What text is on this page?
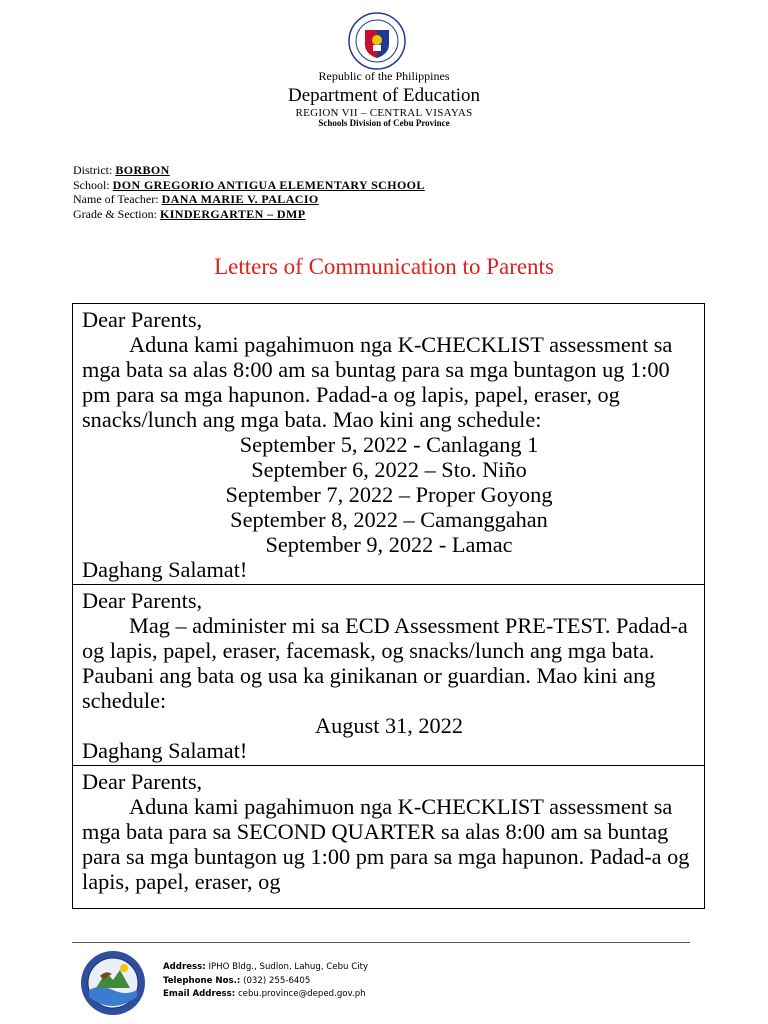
Republic of the Philippines
Department of Education
REGION VII – CENTRAL VISAYAS
Schools Division of Cebu Province
District: BORBON
School: DON GREGORIO ANTIGUA ELEMENTARY SCHOOL
Name of Teacher: DANA MARIE V. PALACIO
Grade & Section: KINDERGARTEN – DMP
Letters of Communication to Parents
Dear Parents,
Aduna kami pagahimuon nga K-CHECKLIST assessment sa mga bata sa alas 8:00 am sa buntag para sa mga buntagon ug 1:00 pm para sa mga hapunon. Padad-a og lapis, papel, eraser, og snacks/lunch ang mga bata. Mao kini ang schedule:
September 5, 2022 - Canlagang 1
September 6, 2022 – Sto. Niño
September 7, 2022 – Proper Goyong
September 8, 2022 – Camanggahan
September 9, 2022 - Lamac
Daghang Salamat!
Dear Parents,
Mag – administer mi sa ECD Assessment PRE-TEST. Padad-a og lapis, papel, eraser, facemask, og snacks/lunch ang mga bata. Paubani ang bata og usa ka ginikanan or guardian. Mao kini ang schedule:
August 31, 2022
Daghang Salamat!
Dear Parents,
Aduna kami pagahimuon nga K-CHECKLIST assessment sa mga bata para sa SECOND QUARTER sa alas 8:00 am sa buntag para sa mga buntagon ug 1:00 pm para sa mga hapunon. Padad-a og lapis, papel, eraser, og
Address: IPHO Bldg., Sudlon, Lahug, Cebu City
Telephone Nos.: (032) 255-6405
Email Address: cebu.province@deped.gov.ph
